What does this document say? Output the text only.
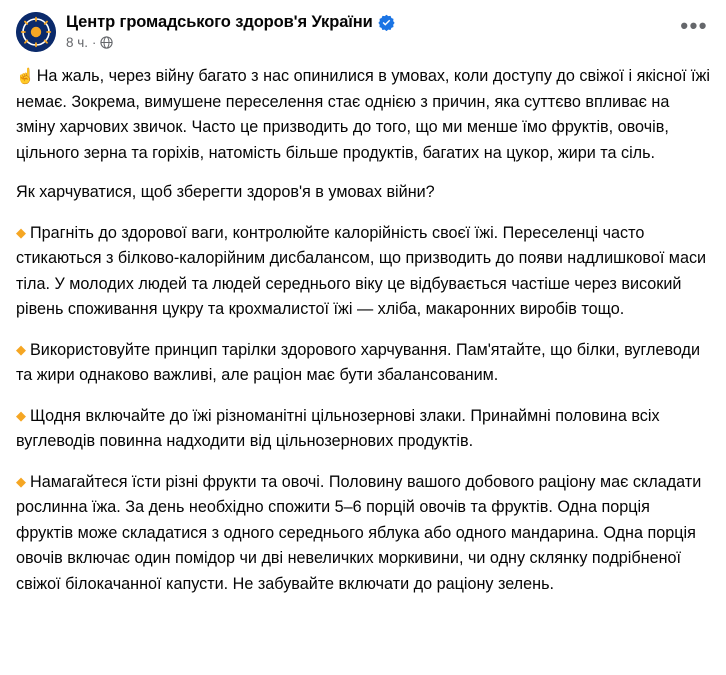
Центр громадського здоров'я України
8 ч. ·
•••

☝ На жаль, через війну багато з нас опинилися в умовах, коли доступу до свіжої і якісної їжі немає. Зокрема, вимушене переселення стає однією з причин, яка суттєво впливає на зміну харчових звичок. Часто це призводить до того, що ми менше їмо фруктів, овочів, цільного зерна та горіхів, натомість більше продуктів, багатих на цукор, жири та сіль.

Як харчуватися, щоб зберегти здоров'я в умовах війни?

◆ Прагніть до здорової ваги, контролюйте калорійність своєї їжі. Переселенці часто стикаються з білково-калорійним дисбалансом, що призводить до появи надлишкової маси тіла. У молодих людей та людей середнього віку це відбувається частіше через високий рівень споживання цукру та крохмалистої їжі — хліба, макаронних виробів тощо.

◆ Використовуйте принцип тарілки здорового харчування. Пам'ятайте, що білки, вуглеводи та жири однаково важливі, але раціон має бути збалансованим.

◆ Щодня включайте до їжі різноманітні цільнозернові злаки. Принаймні половина всіх вуглеводів повинна надходити від цільнозернових продуктів.

◆ Намагайтеся їсти різні фрукти та овочі. Половину вашого добового раціону має складати рослинна їжа. За день необхідно спожити 5–6 порцій овочів та фруктів. Одна порція фруктів може складатися з одного середнього яблука або одного мандарина. Одна порція овочів включає один помідор чи дві невеличких моркивини, чи одну склянку подрібненої свіжої білокачанної капусти. Не забувайте включати до раціону зелень.
